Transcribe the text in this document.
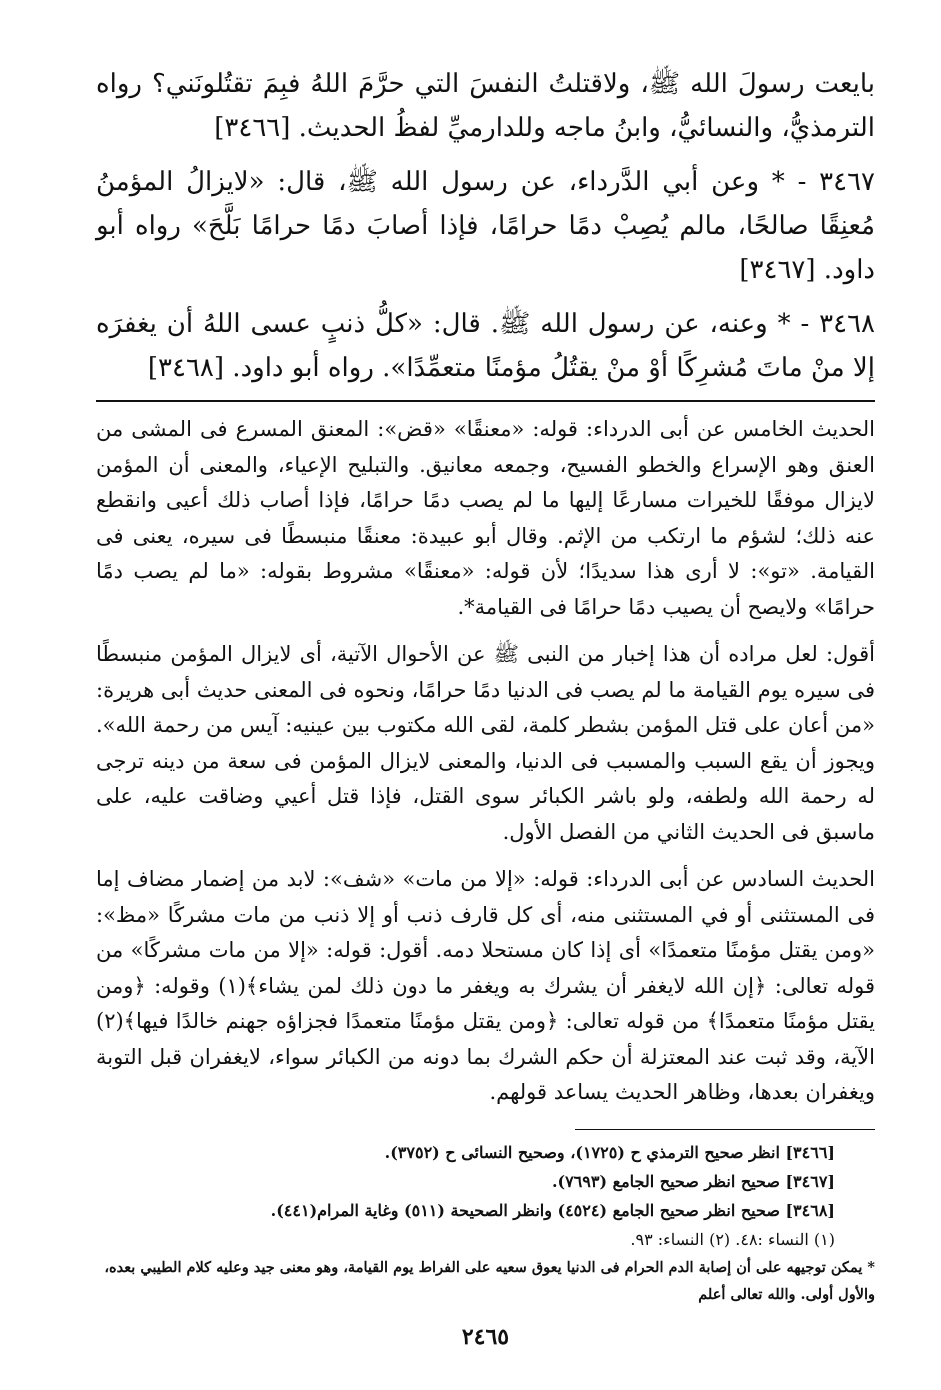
بايعت رسولَ الله ﷺ، ولاقتلتُ النفسَ التي حرَّمَ اللهُ فبِمَ تقتُلونَني؟ رواه الترمذيُّ، والنسائيُّ، وابنُ ماجه وللدارميِّ لفظُ الحديث. [٣٤٦٦]

٣٤٦٧ - * وعن أبي الدَّرداء، عن رسول الله ﷺ، قال: «لايزالُ المؤمنُ مُعنِقًا صالحًا، مالم يُصِبْ دمًا حرامًا، فإذا أصابَ دمًا حرامًا بَلَّحَ» رواه أبو داود. [٣٤٦٧]

٣٤٦٨ - * وعنه، عن رسول الله ﷺ. قال: «كلُّ ذنبٍ عسى اللهُ أن يغفرَه إلا منْ ماتَ مُشرِكًا أوْ منْ يقتُلُ مؤمنًا متعمِّدًا». رواه أبو داود. [٣٤٦٨]

الحديث الخامس عن أبى الدرداء: قوله: «معنقًا» «قض»: المعنق المسرع فى المشى من العنق وهو الإسراع والخطو الفسيح، وجمعه معانيق. والتبليح الإعياء، والمعنى أن المؤمن لايزال موفقًا للخيرات مسارعًا إليها ما لم يصب دمًا حرامًا، فإذا أصاب ذلك أعيى وانقطع عنه ذلك؛ لشؤم ما ارتكب من الإثم. وقال أبو عبيدة: معنقًا منبسطًا فى سيره، يعنى فى القيامة. «تو»: لا أرى هذا سديدًا؛ لأن قوله: «معنقًا» مشروط بقوله: «ما لم يصب دمًا حرامًا» ولايصح أن يصيب دمًا حرامًا فى القيامة*.

أقول: لعل مراده أن هذا إخبار من النبى ﷺ عن الأحوال الآتية، أى لايزال المؤمن منبسطًا فى سيره يوم القيامة ما لم يصب فى الدنيا دمًا حرامًا، ونحوه فى المعنى حديث أبى هريرة: «من أعان على قتل المؤمن بشطر كلمة، لقى الله مكتوب بين عينيه: آيس من رحمة الله». ويجوز أن يقع السبب والمسبب فى الدنيا، والمعنى لايزال المؤمن فى سعة من دينه ترجى له رحمة الله ولطفه، ولو باشر الكبائر سوى القتل، فإذا قتل أعيي وضاقت عليه، على ماسبق فى الحديث الثاني من الفصل الأول.

الحديث السادس عن أبى الدرداء: قوله: «إلا من مات» «شف»: لابد من إضمار مضاف إما فى المستثنى أو في المستثنى منه، أى كل قارف ذنب أو إلا ذنب من مات مشركًا «مظ»: «ومن يقتل مؤمنًا متعمدًا» أى إذا كان مستحلا دمه. أقول: قوله: «إلا من مات مشركًا» من قوله تعالى: ﴿إن الله لايغفر أن يشرك به ويغفر ما دون ذلك لمن يشاء﴾(١) وقوله: ﴿ومن يقتل مؤمنًا متعمدًا﴾ من قوله تعالى: ﴿ومن يقتل مؤمنًا متعمدًا فجزاؤه جهنم خالدًا فيها﴾(٢) الآية، وقد ثبت عند المعتزلة أن حكم الشرك بما دونه من الكبائر سواء، لايغفران قبل التوبة ويغفران بعدها، وظاهر الحديث يساعد قولهم.

[٣٤٦٦] انظر صحيح الترمذي ح (١٧٢٥)، وصحيح النسائى ح (٣٧٥٢).

[٣٤٦٧] صحيح انظر صحيح الجامع (٧٦٩٣).

[٣٤٦٨] صحيح انظر صحيح الجامع (٤٥٢٤) وانظر الصحيحة (٥١١) وغاية المرام(٤٤١).

(١) النساء :٤٨. (٢) النساء: ٩٣.

* يمكن توجيهه على أن إصابة الدم الحرام فى الدنيا يعوق سعيه على الفراط يوم القيامة، وهو معنى جيد وعليه كلام الطيبي بعده، والأول أولى. والله تعالى أعلم

٢٤٦٥
